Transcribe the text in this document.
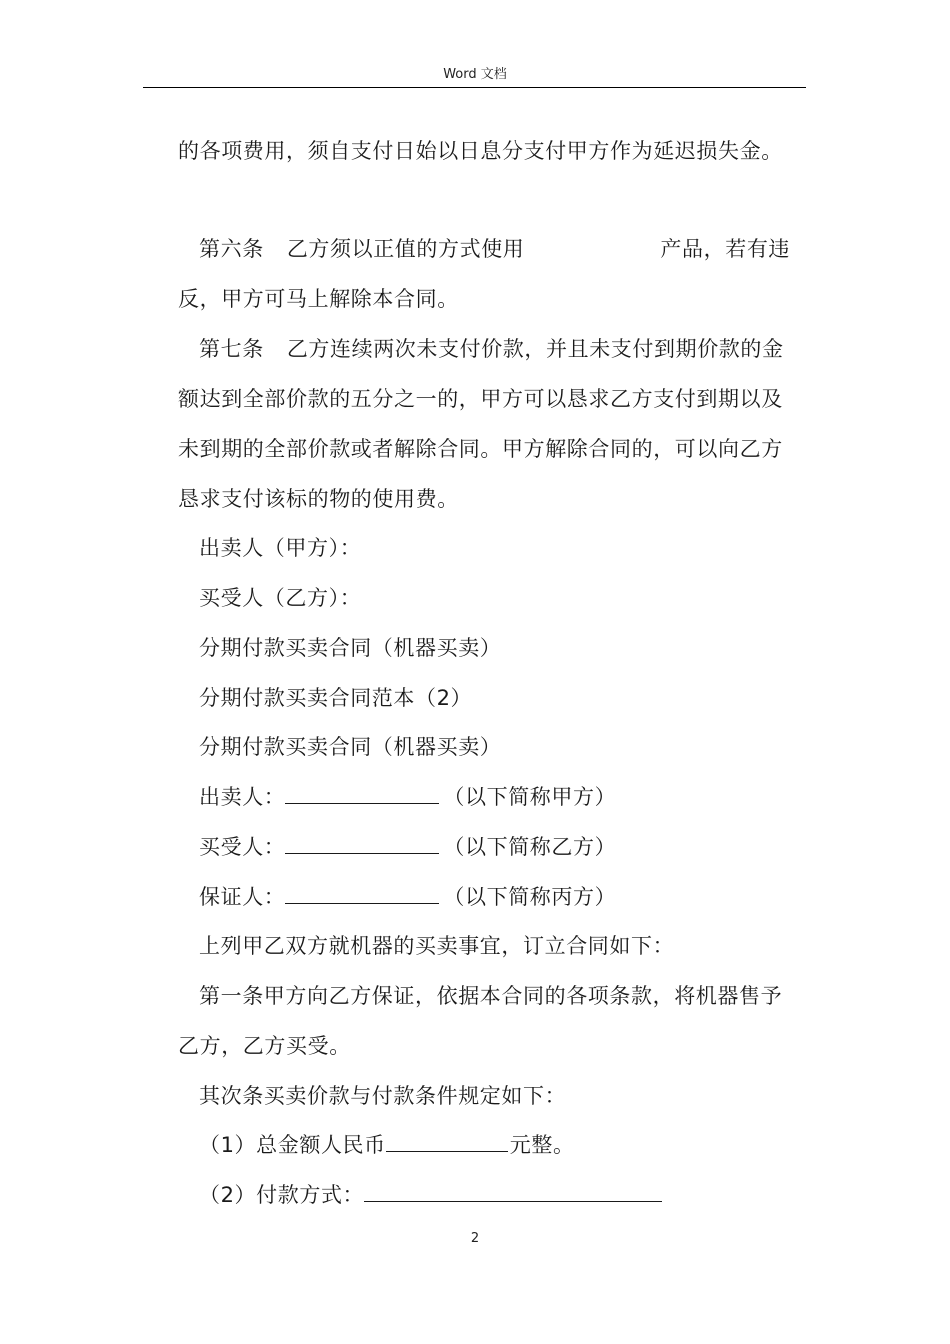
Word 文档
的各项费用，须自支付日始以日息分支付甲方作为延迟损失金。
第六条 乙方须以正值的方式使用	产品，若有违
反，甲方可马上解除本合同。
第七条 乙方连续两次未支付价款，并且未支付到期价款的金
额达到全部价款的五分之一的，甲方可以恳求乙方支付到期以及
未到期的全部价款或者解除合同。甲方解除合同的，可以向乙方
恳求支付该标的物的使用费。
出卖人（甲方）：
买受人（乙方）：
分期付款买卖合同（机器买卖）
分期付款买卖合同范本（2）
分期付款买卖合同（机器买卖）
出卖人：	（以下简称甲方）
买受人：	（以下简称乙方）
保证人：	（以下简称丙方）
上列甲乙双方就机器的买卖事宜，订立合同如下：
第一条甲方向乙方保证，依据本合同的各项条款，将机器售予
乙方，乙方买受。
其次条买卖价款与付款条件规定如下：
（1）总金额人民币	元整。
（2）付款方式：
2
